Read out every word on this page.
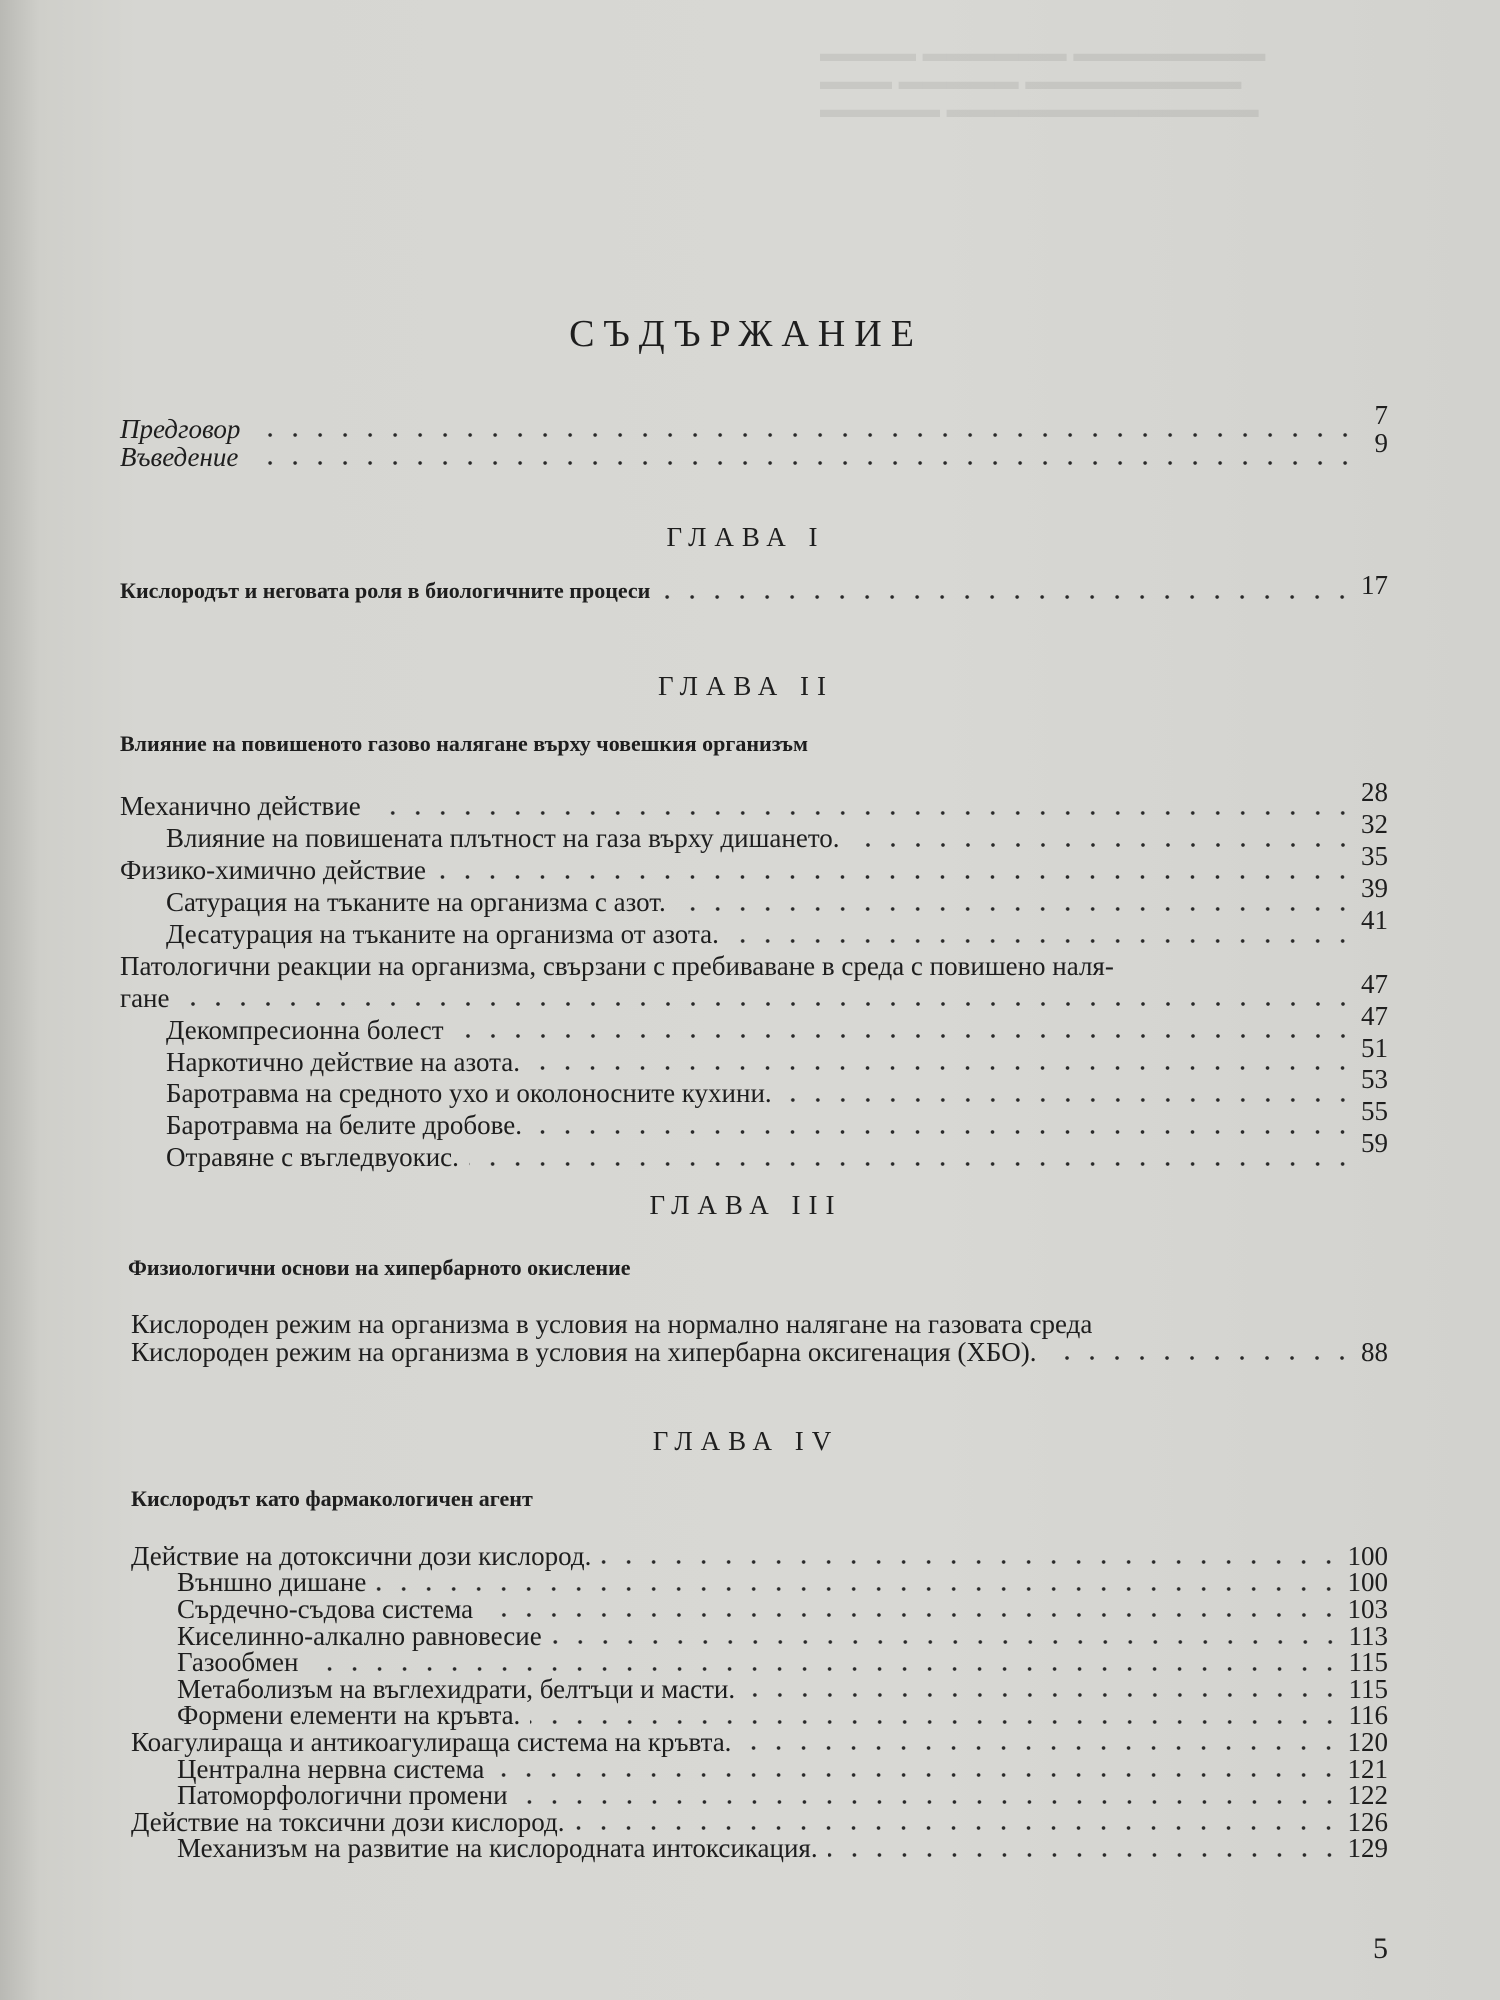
▬▬▬▬ ▬▬▬▬▬▬ ▬▬▬▬▬▬▬▬
▬▬▬ ▬▬▬▬▬ ▬▬▬▬▬▬▬▬▬
▬▬▬▬▬ ▬▬▬▬▬▬▬▬▬▬▬▬▬
СЪДЪРЖАНИЕ
Предговор	7
Въведение	9
ГЛАВА I
Кислородът и неговата роля в биологичните процеси	17
ГЛАВА II
Влияние на повишеното газово налягане върху човешкия организъм
Механично действие	28
Влияние на повишената плътност на газа върху дишането.	32
Физико-химично действие	35
Сатурация на тъканите на организма с азот.	39
Десатурация на тъканите на организма от азота.	41
Патологични реакции на организма, свързани с пребиваване в среда с повишено наля-
гане	47
Декомпресионна болест	47
Наркотично действие на азота.	51
Баротравма на средното ухо и околоносните кухини.	53
Баротравма на белите дробове.	55
Отравяне с въгледвуокис.	59
ГЛАВА III
Физиологични основи на хипербарното окисление
Кислороден режим на организма в условия на нормално налягане на газовата среда
Кислороден режим на организма в условия на хипербарна оксигенация (ХБО).	88
ГЛАВА IV
Кислородът като фармакологичен агент
Действие на дотоксични дози кислород.	100
Външно дишане	100
Сърдечно-съдова система	103
Киселинно-алкално равновесие	113
Газообмен	115
Метаболизъм на въглехидрати, белтъци и масти.	115
Формени елементи на кръвта.	116
Коагулираща и антикоагулираща система на кръвта.	120
Централна нервна система	121
Патоморфологични промени	122
Действие на токсични дози кислород.	126
Механизъм на развитие на кислородната интоксикация.	129
5
